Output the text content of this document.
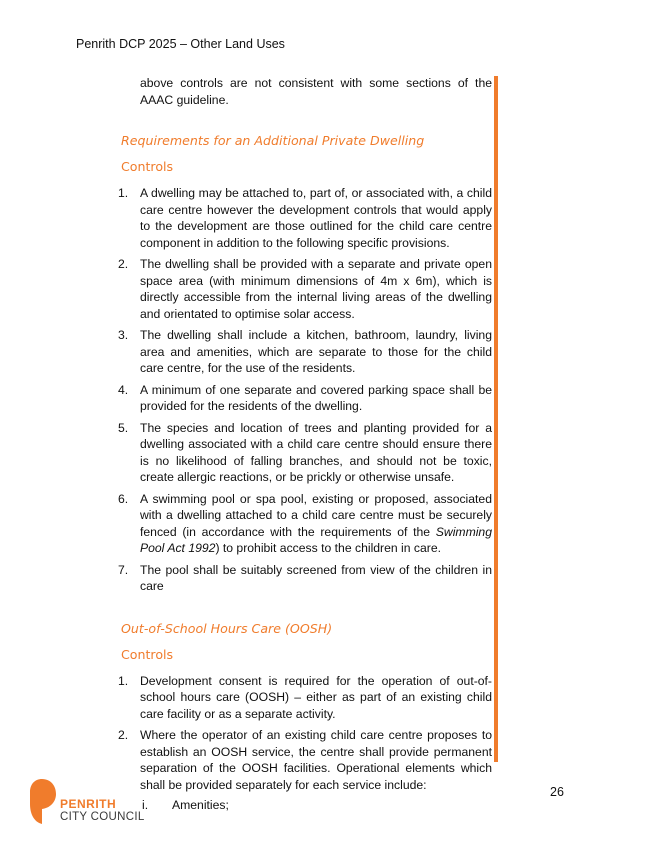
Penrith DCP 2025 – Other Land Uses

above controls are not consistent with some sections of the AAAC guideline.

Requirements for an Additional Private Dwelling
Controls
1. A dwelling may be attached to, part of, or associated with, a child care centre however the development controls that would apply to the development are those outlined for the child care centre component in addition to the following specific provisions.
2. The dwelling shall be provided with a separate and private open space area (with minimum dimensions of 4m x 6m), which is directly accessible from the internal living areas of the dwelling and orientated to optimise solar access.
3. The dwelling shall include a kitchen, bathroom, laundry, living area and amenities, which are separate to those for the child care centre, for the use of the residents.
4. A minimum of one separate and covered parking space shall be provided for the residents of the dwelling.
5. The species and location of trees and planting provided for a dwelling associated with a child care centre should ensure there is no likelihood of falling branches, and should not be toxic, create allergic reactions, or be prickly or otherwise unsafe.
6. A swimming pool or spa pool, existing or proposed, associated with a dwelling attached to a child care centre must be securely fenced (in accordance with the requirements of the Swimming Pool Act 1992) to prohibit access to the children in care.
7. The pool shall be suitably screened from view of the children in care
Out-of-School Hours Care (OOSH)
Controls
1. Development consent is required for the operation of out-of-school hours care (OOSH) – either as part of an existing child care facility or as a separate activity.
2. Where the operator of an existing child care centre proposes to establish an OOSH service, the centre shall provide permanent separation of the OOSH facilities. Operational elements which shall be provided separately for each service include:
i. Amenities;
26
PENRITH
CITY COUNCIL
